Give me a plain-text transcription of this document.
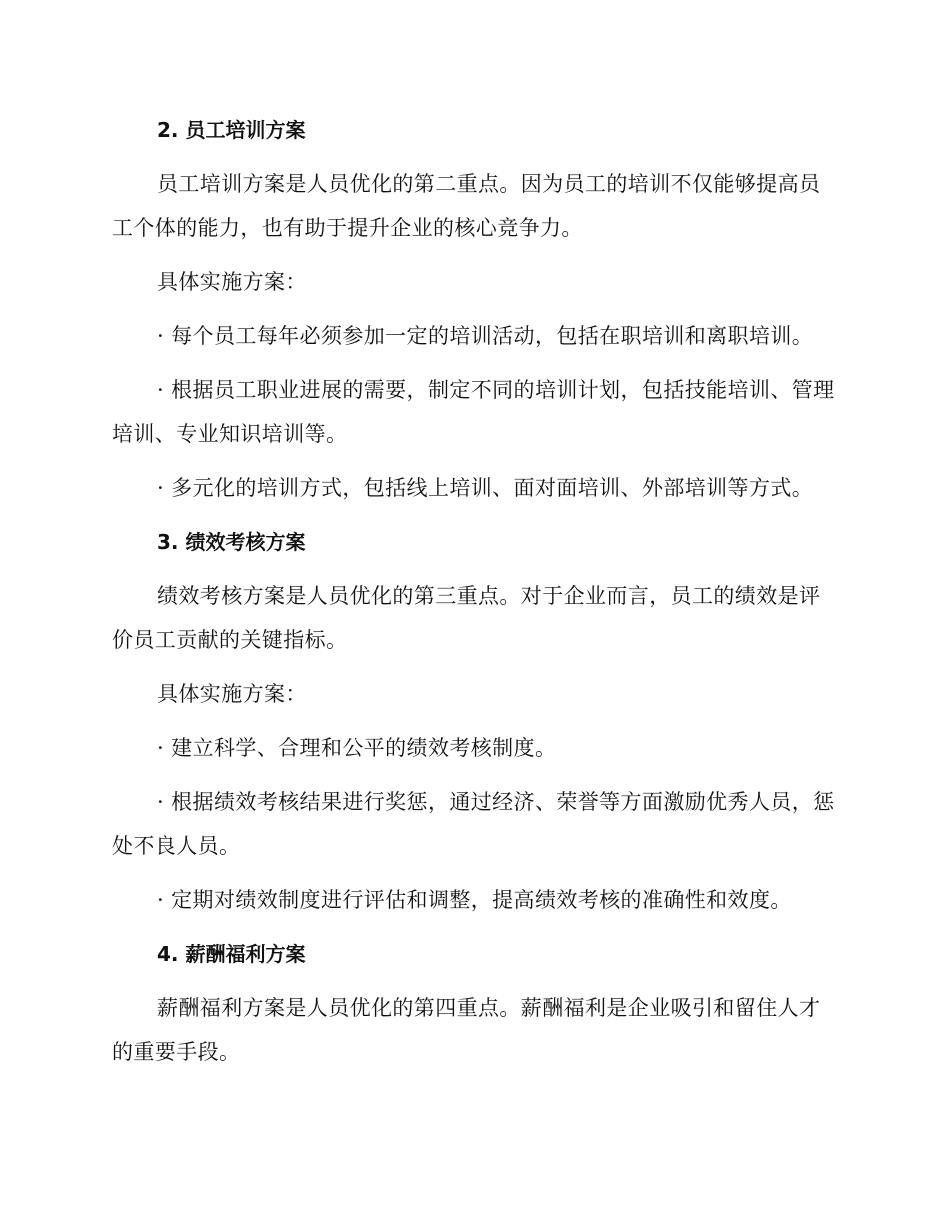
2. 员工培训方案
员工培训方案是人员优化的第二重点。因为员工的培训不仅能够提高员工个体的能力，也有助于提升企业的核心竞争力。
具体实施方案：
· 每个员工每年必须参加一定的培训活动，包括在职培训和离职培训。
· 根据员工职业进展的需要，制定不同的培训计划，包括技能培训、管理培训、专业知识培训等。
· 多元化的培训方式，包括线上培训、面对面培训、外部培训等方式。
3. 绩效考核方案
绩效考核方案是人员优化的第三重点。对于企业而言，员工的绩效是评价员工贡献的关键指标。
具体实施方案：
· 建立科学、合理和公平的绩效考核制度。
· 根据绩效考核结果进行奖惩，通过经济、荣誉等方面激励优秀人员，惩处不良人员。
· 定期对绩效制度进行评估和调整，提高绩效考核的准确性和效度。
4. 薪酬福利方案
薪酬福利方案是人员优化的第四重点。薪酬福利是企业吸引和留住人才的重要手段。
